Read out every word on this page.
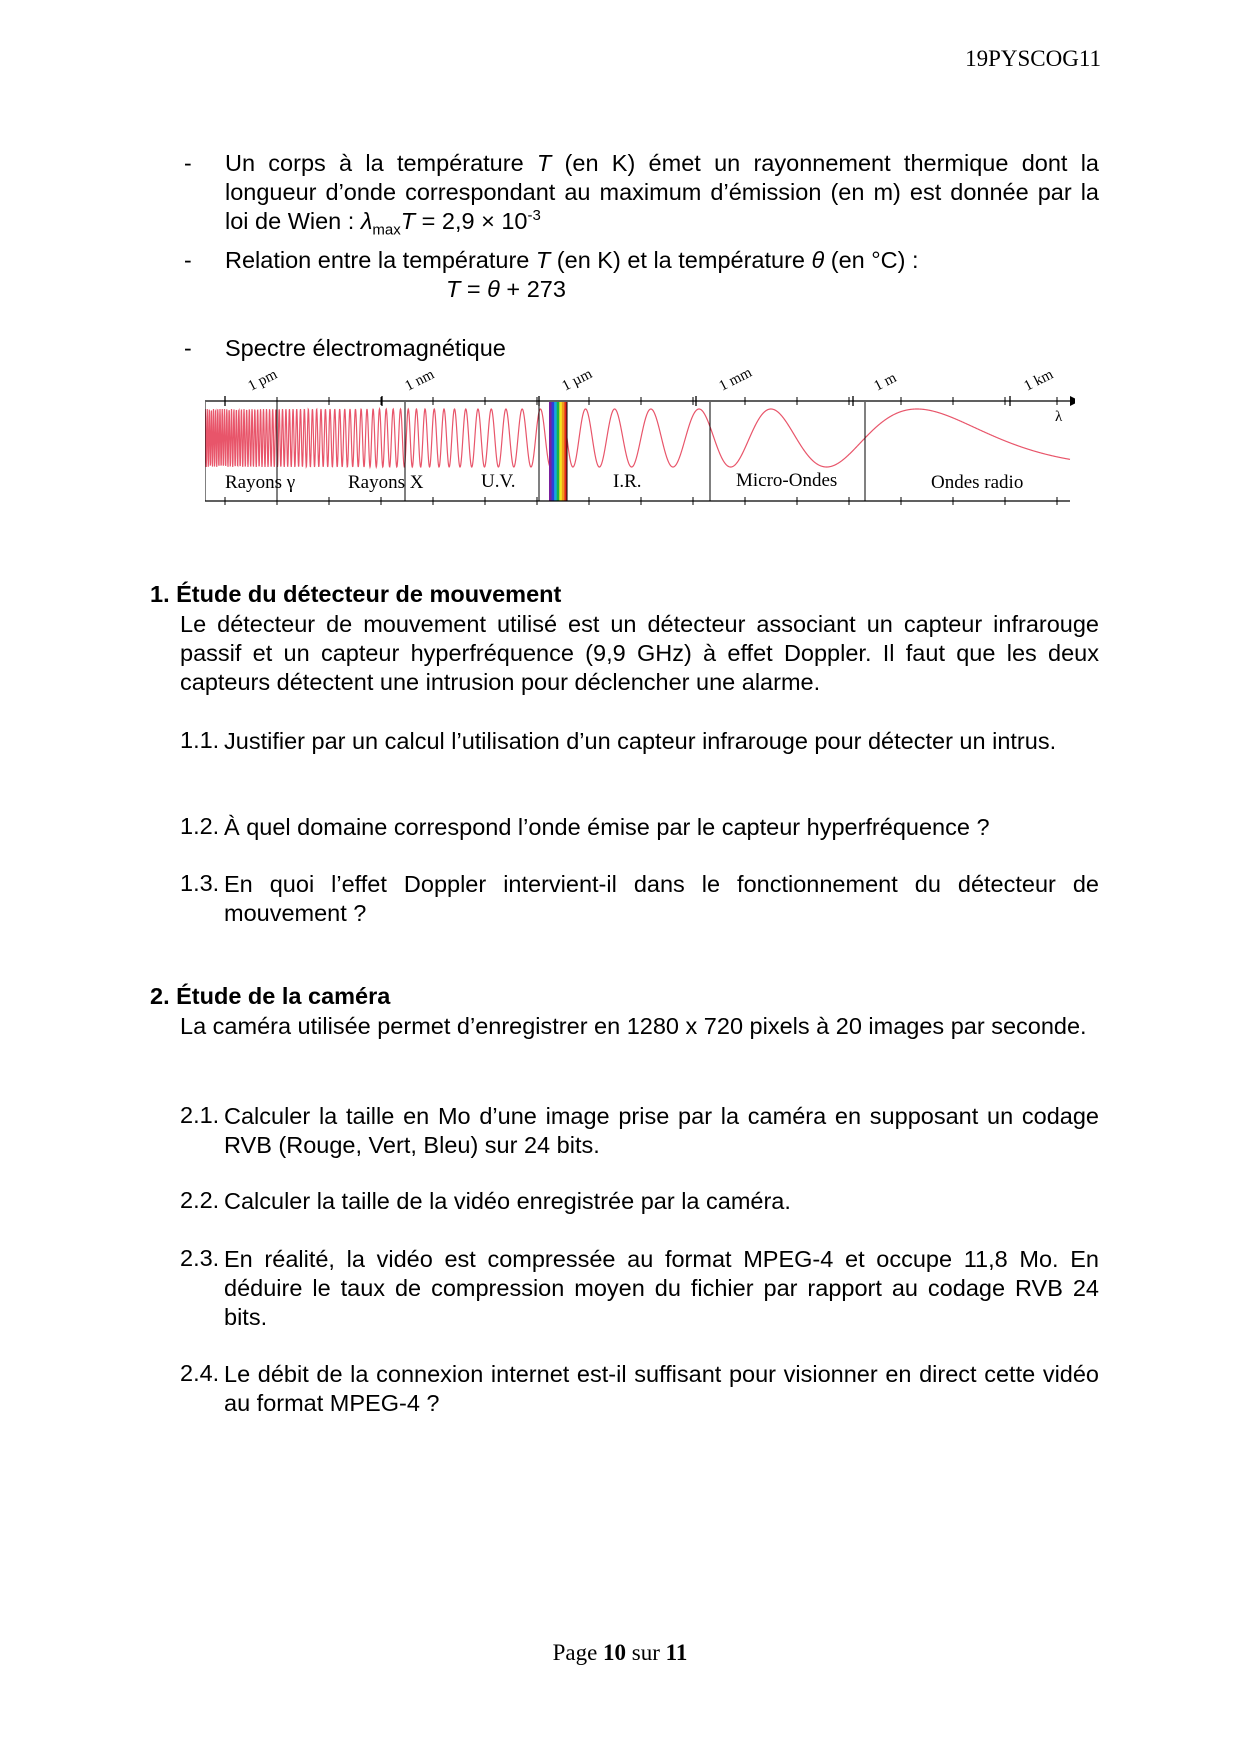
19PYSCOG11
- Un corps à la température T (en K) émet un rayonnement thermique dont la longueur d’onde correspondant au maximum d’émission (en m) est donnée par la loi de Wien : $\lambda_{max}T = 2,9 \times 10^{-3}$
- Relation entre la température T (en K) et la température θ (en °C) :
T = θ + 273
- Spectre électromagnétique
1 pm	1 nm	1 µm	1 mm	1 m	1 km
λ
Rayons γ	Rayons X	U.V.	I.R.	Micro-Ondes	Ondes radio
1. Étude du détecteur de mouvement
Le détecteur de mouvement utilisé est un détecteur associant un capteur infrarouge passif et un capteur hyperfréquence (9,9 GHz) à effet Doppler. Il faut que les deux capteurs détectent une intrusion pour déclencher une alarme.
1.1. Justifier par un calcul l’utilisation d’un capteur infrarouge pour détecter un intrus.
1.2. À quel domaine correspond l’onde émise par le capteur hyperfréquence ?
1.3. En quoi l’effet Doppler intervient-il dans le fonctionnement du détecteur de mouvement ?
2. Étude de la caméra
La caméra utilisée permet d’enregistrer en 1280 x 720 pixels à 20 images par seconde.
2.1. Calculer la taille en Mo d’une image prise par la caméra en supposant un codage RVB (Rouge, Vert, Bleu) sur 24 bits.
2.2. Calculer la taille de la vidéo enregistrée par la caméra.
2.3. En réalité, la vidéo est compressée au format MPEG-4 et occupe 11,8 Mo. En déduire le taux de compression moyen du fichier par rapport au codage RVB 24 bits.
2.4. Le débit de la connexion internet est-il suffisant pour visionner en direct cette vidéo au format MPEG-4 ?
Page 10 sur 11
